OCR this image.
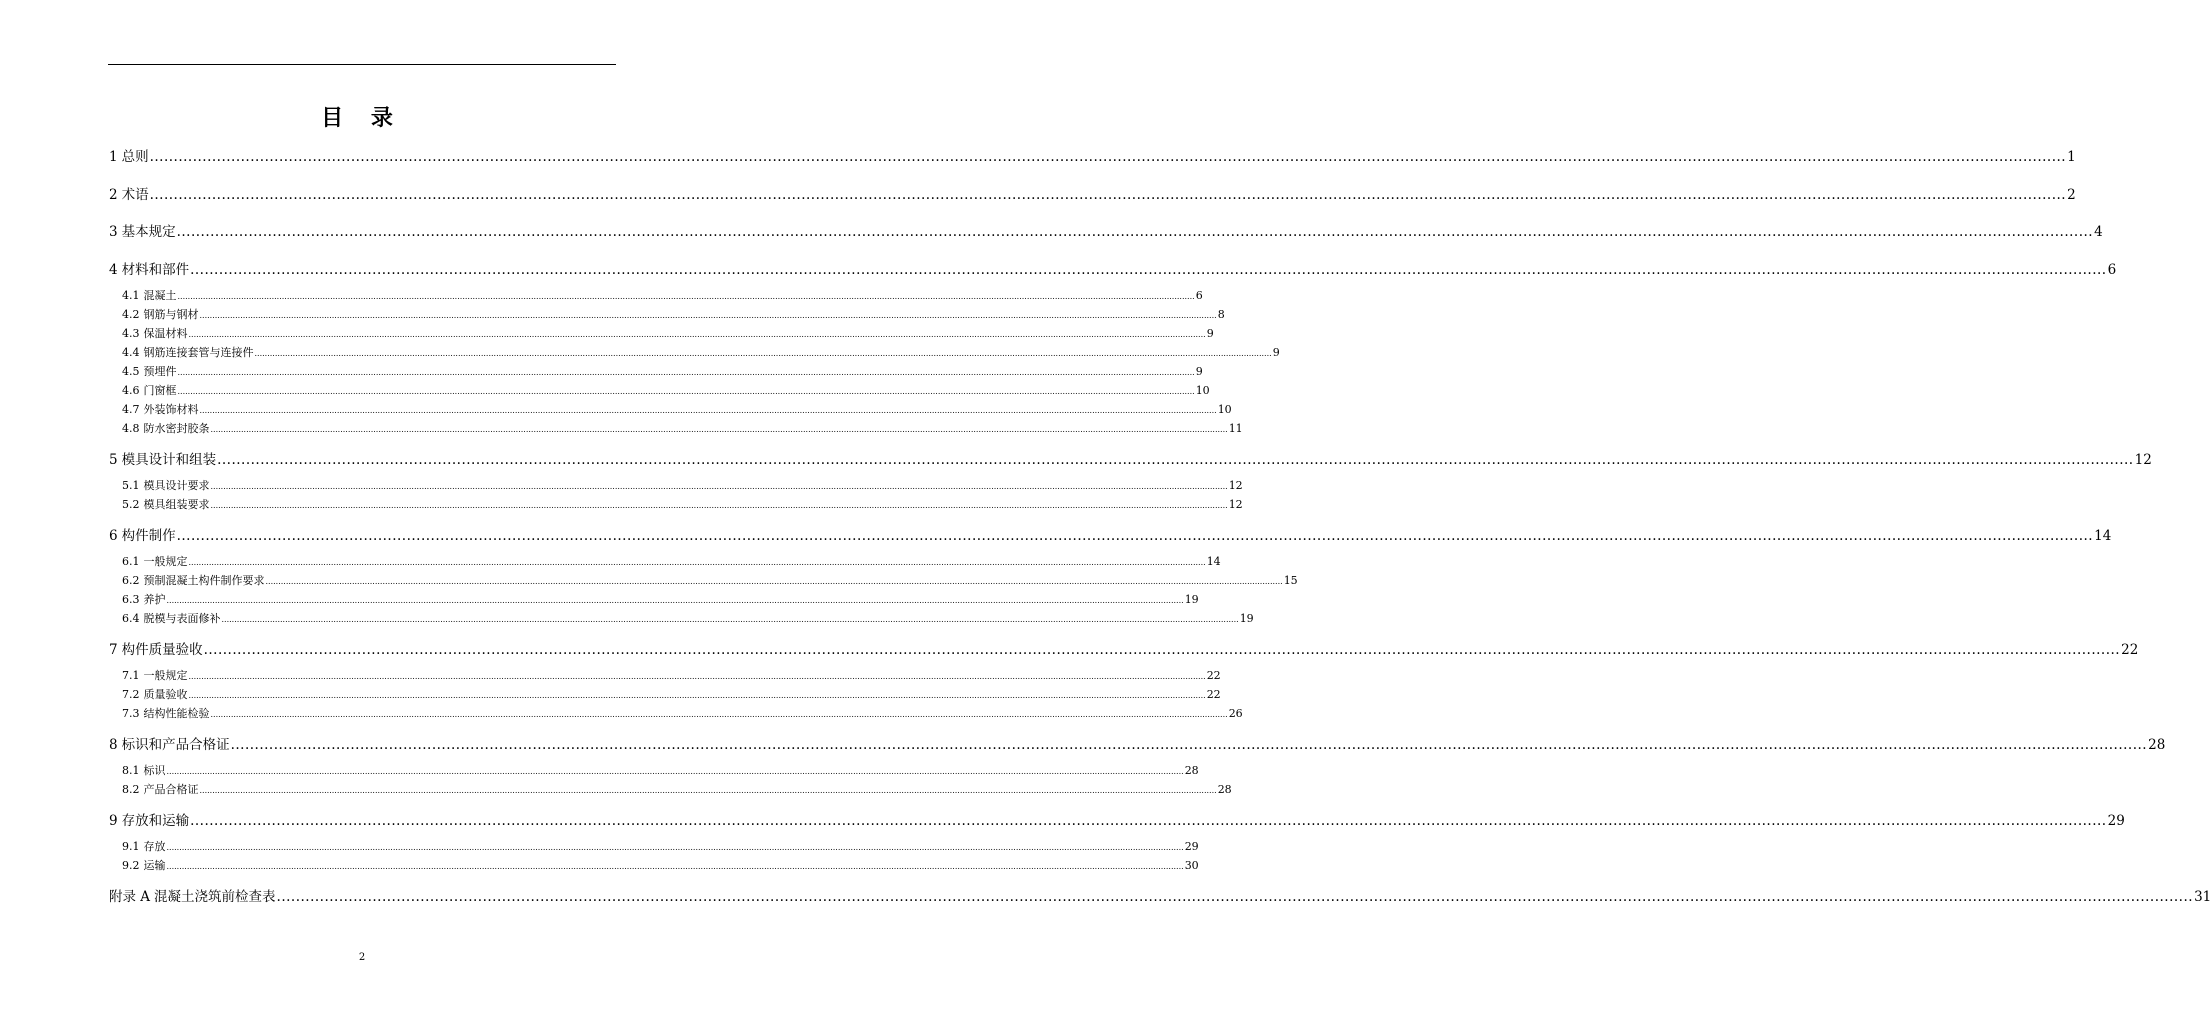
目 录
1 总则 ................................................................................................................................................................................................................................................................................................................................................................................................................ 1
2 术语 ................................................................................................................................................................................................................................................................................................................................................................................................................ 2
3 基本规定 ................................................................................................................................................................................................................................................................................................................................................................................................................ 4
4 材料和部件 ................................................................................................................................................................................................................................................................................................................................................................................................................ 6
4.1 混凝土 ................................................................................................................................................................................................................................................................................................................................................................................................................ 6
4.2 钢筋与钢材 ................................................................................................................................................................................................................................................................................................................................................................................................................ 8
4.3 保温材料 ................................................................................................................................................................................................................................................................................................................................................................................................................ 9
4.4 钢筋连接套管与连接件 ................................................................................................................................................................................................................................................................................................................................................................................................................ 9
4.5 预埋件 ................................................................................................................................................................................................................................................................................................................................................................................................................ 9
4.6 门窗框 ................................................................................................................................................................................................................................................................................................................................................................................................................ 10
4.7 外装饰材料 ................................................................................................................................................................................................................................................................................................................................................................................................................ 10
4.8 防水密封胶条 ................................................................................................................................................................................................................................................................................................................................................................................................................ 11
5 模具设计和组装 ................................................................................................................................................................................................................................................................................................................................................................................................................ 12
5.1 模具设计要求 ................................................................................................................................................................................................................................................................................................................................................................................................................ 12
5.2 模具组装要求 ................................................................................................................................................................................................................................................................................................................................................................................................................ 12
6 构件制作 ................................................................................................................................................................................................................................................................................................................................................................................................................ 14
6.1 一般规定 ................................................................................................................................................................................................................................................................................................................................................................................................................ 14
6.2 预制混凝土构件制作要求 ................................................................................................................................................................................................................................................................................................................................................................................................................ 15
6.3 养护 ................................................................................................................................................................................................................................................................................................................................................................................................................ 19
6.4 脱模与表面修补 ................................................................................................................................................................................................................................................................................................................................................................................................................ 19
7 构件质量验收 ................................................................................................................................................................................................................................................................................................................................................................................................................ 22
7.1 一般规定 ................................................................................................................................................................................................................................................................................................................................................................................................................ 22
7.2 质量验收 ................................................................................................................................................................................................................................................................................................................................................................................................................ 22
7.3 结构性能检验 ................................................................................................................................................................................................................................................................................................................................................................................................................ 26
8 标识和产品合格证 ................................................................................................................................................................................................................................................................................................................................................................................................................ 28
8.1 标识 ................................................................................................................................................................................................................................................................................................................................................................................................................ 28
8.2 产品合格证 ................................................................................................................................................................................................................................................................................................................................................................................................................ 28
9 存放和运输 ................................................................................................................................................................................................................................................................................................................................................................................................................ 29
9.1 存放 ................................................................................................................................................................................................................................................................................................................................................................................................................ 29
9.2 运输 ................................................................................................................................................................................................................................................................................................................................................................................................................ 30
附录 A 混凝土浇筑前检查表 ................................................................................................................................................................................................................................................................................................................................................................................................................ 31
2
